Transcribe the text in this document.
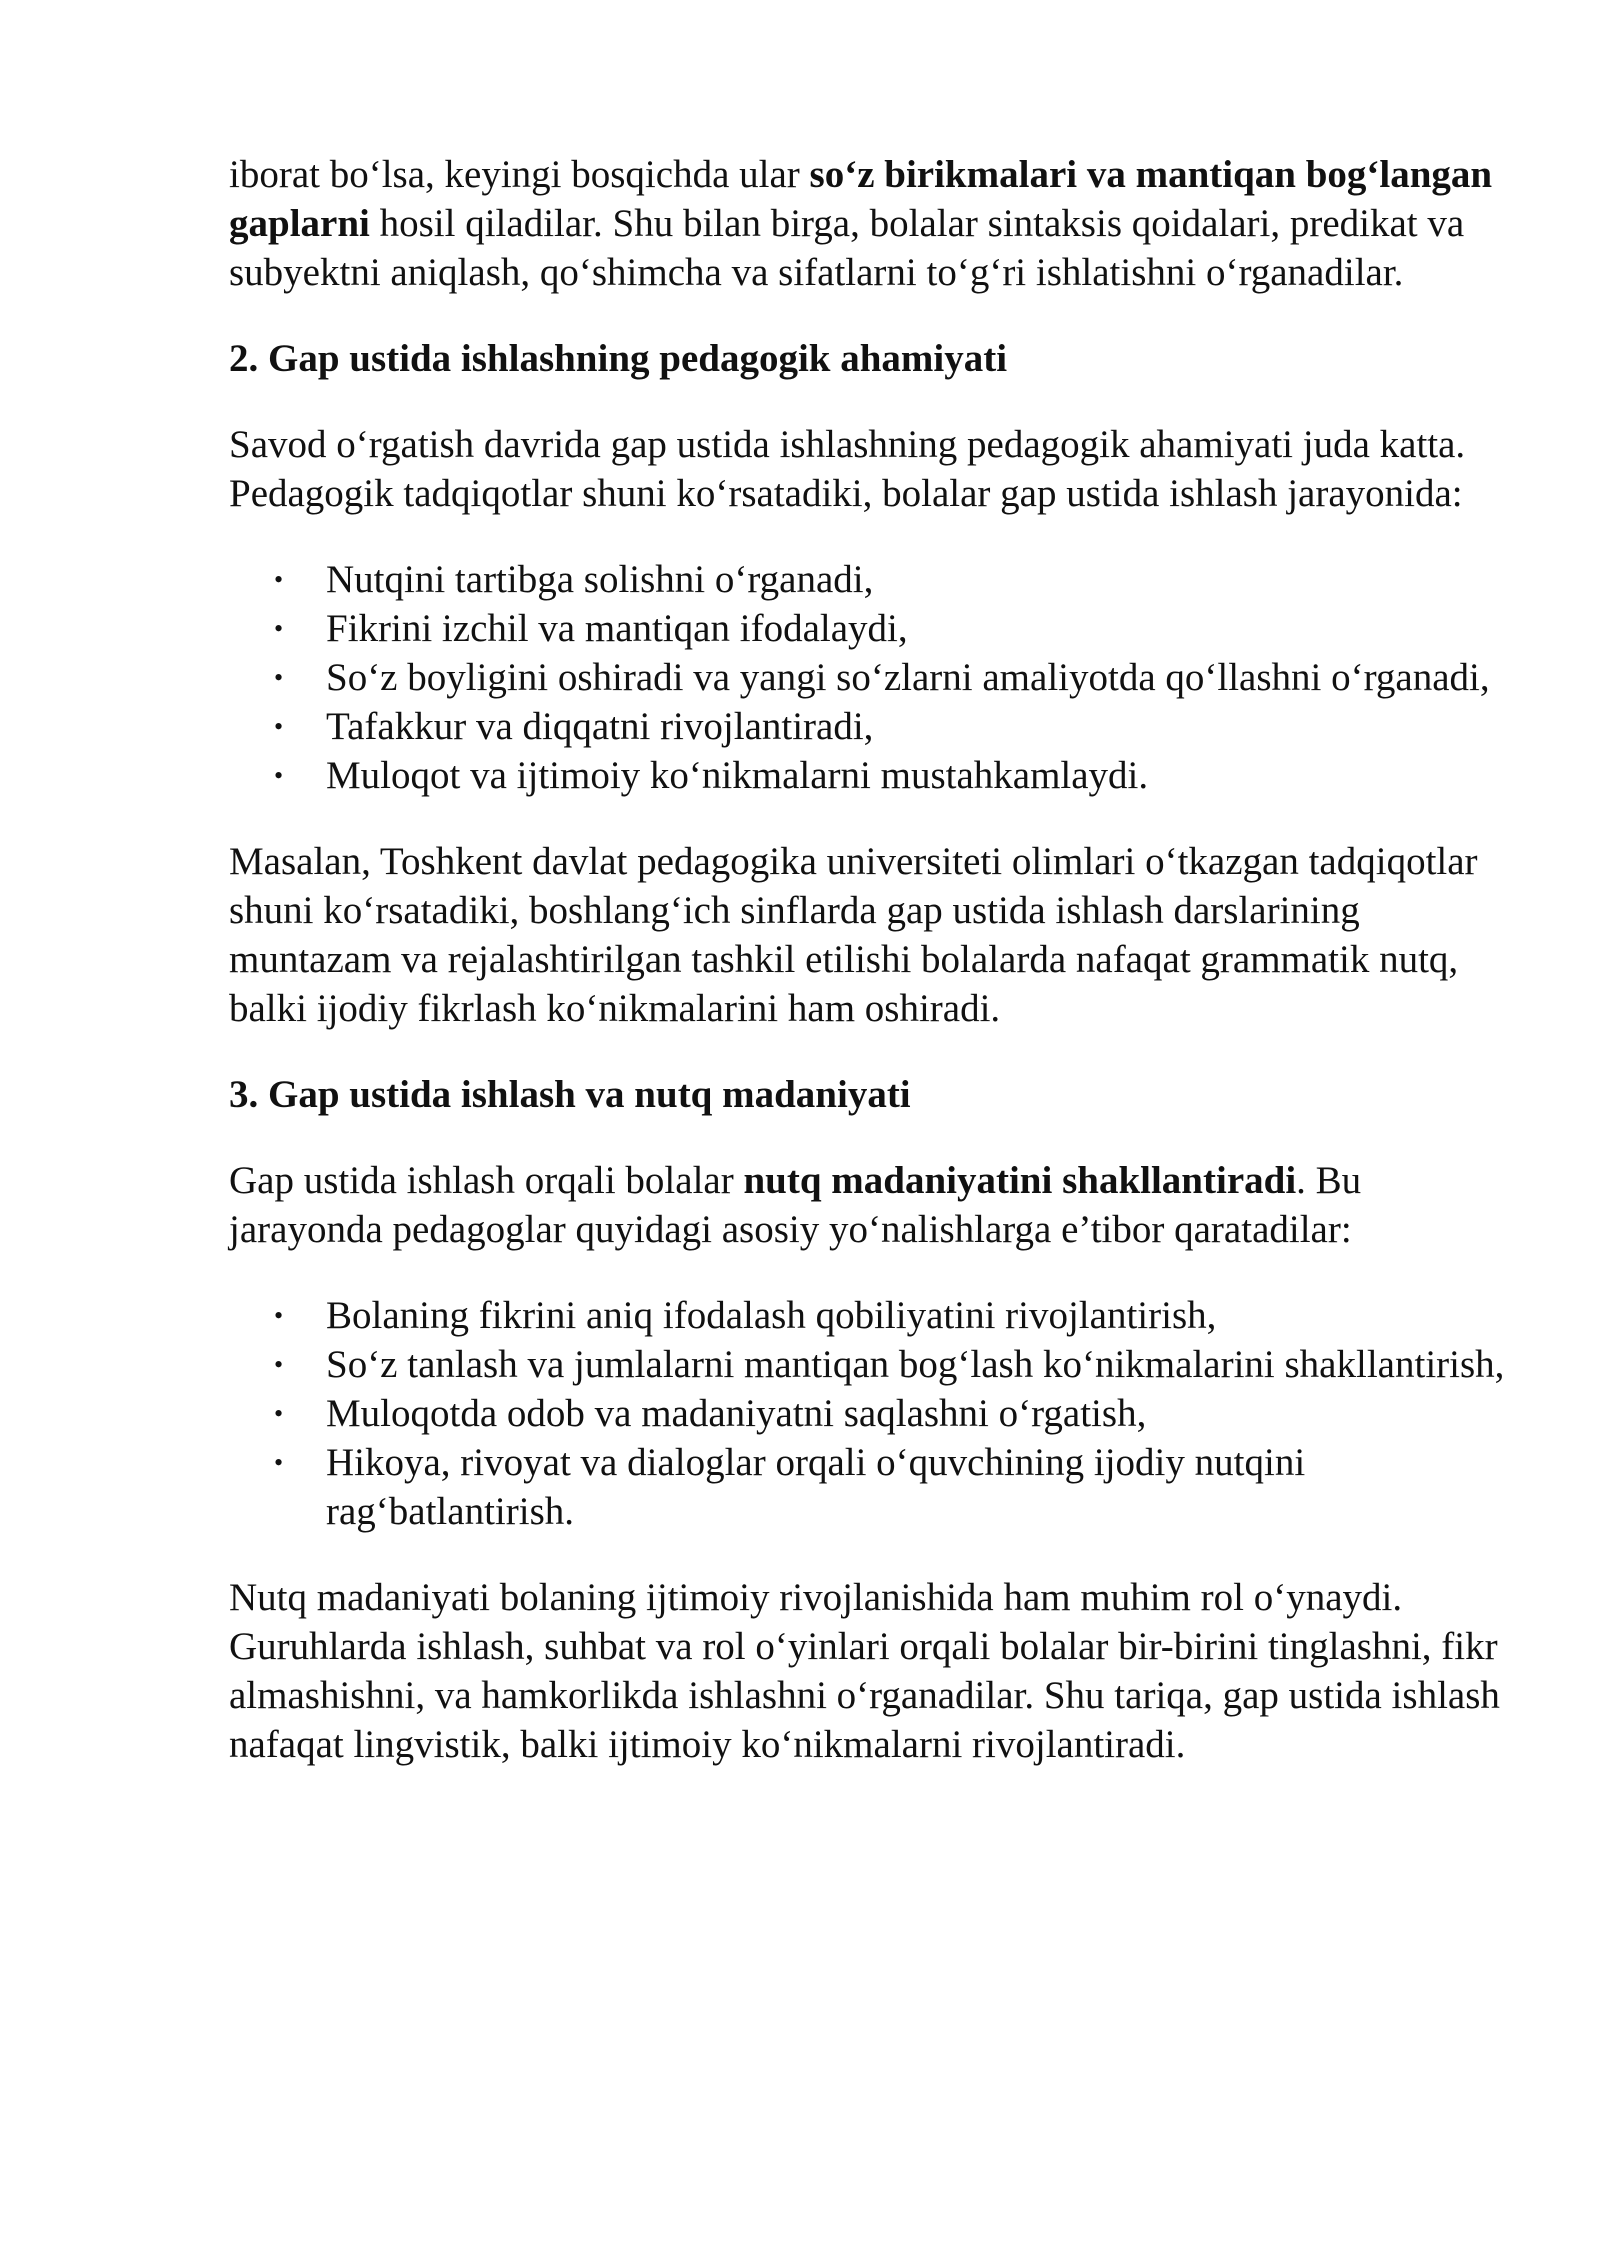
iborat bo‘lsa, keyingi bosqichda ular so‘z birikmalari va mantiqan bog‘langan gaplarni hosil qiladilar. Shu bilan birga, bolalar sintaksis qoidalari, predikat va subyektni aniqlash, qo‘shimcha va sifatlarni to‘g‘ri ishlatishni o‘rganadilar.

2. Gap ustida ishlashning pedagogik ahamiyati

Savod o‘rgatish davrida gap ustida ishlashning pedagogik ahamiyati juda katta. Pedagogik tadqiqotlar shuni ko‘rsatadiki, bolalar gap ustida ishlash jarayonida:

• Nutqini tartibga solishni o‘rganadi,
• Fikrini izchil va mantiqan ifodalaydi,
• So‘z boyligini oshiradi va yangi so‘zlarni amaliyotda qo‘llashni o‘rganadi,
• Tafakkur va diqqatni rivojlantiradi,
• Muloqot va ijtimoiy ko‘nikmalarni mustahkamlaydi.

Masalan, Toshkent davlat pedagogika universiteti olimlari o‘tkazgan tadqiqotlar shuni ko‘rsatadiki, boshlang‘ich sinflarda gap ustida ishlash darslarining muntazam va rejalashtirilgan tashkil etilishi bolalarda nafaqat grammatik nutq, balki ijodiy fikrlash ko‘nikmalarini ham oshiradi.

3. Gap ustida ishlash va nutq madaniyati

Gap ustida ishlash orqali bolalar nutq madaniyatini shakllantiradi. Bu jarayonda pedagoglar quyidagi asosiy yo‘nalishlarga e’tibor qaratadilar:

• Bolaning fikrini aniq ifodalash qobiliyatini rivojlantirish,
• So‘z tanlash va jumlalarni mantiqan bog‘lash ko‘nikmalarini shakllantirish,
• Muloqotda odob va madaniyatni saqlashni o‘rgatish,
• Hikoya, rivoyat va dialoglar orqali o‘quvchining ijodiy nutqini rag‘batlantirish.

Nutq madaniyati bolaning ijtimoiy rivojlanishida ham muhim rol o‘ynaydi. Guruhlarda ishlash, suhbat va rol o‘yinlari orqali bolalar bir-birini tinglashni, fikr almashishni, va hamkorlikda ishlashni o‘rganadilar. Shu tariqa, gap ustida ishlash nafaqat lingvistik, balki ijtimoiy ko‘nikmalarni rivojlantiradi.
